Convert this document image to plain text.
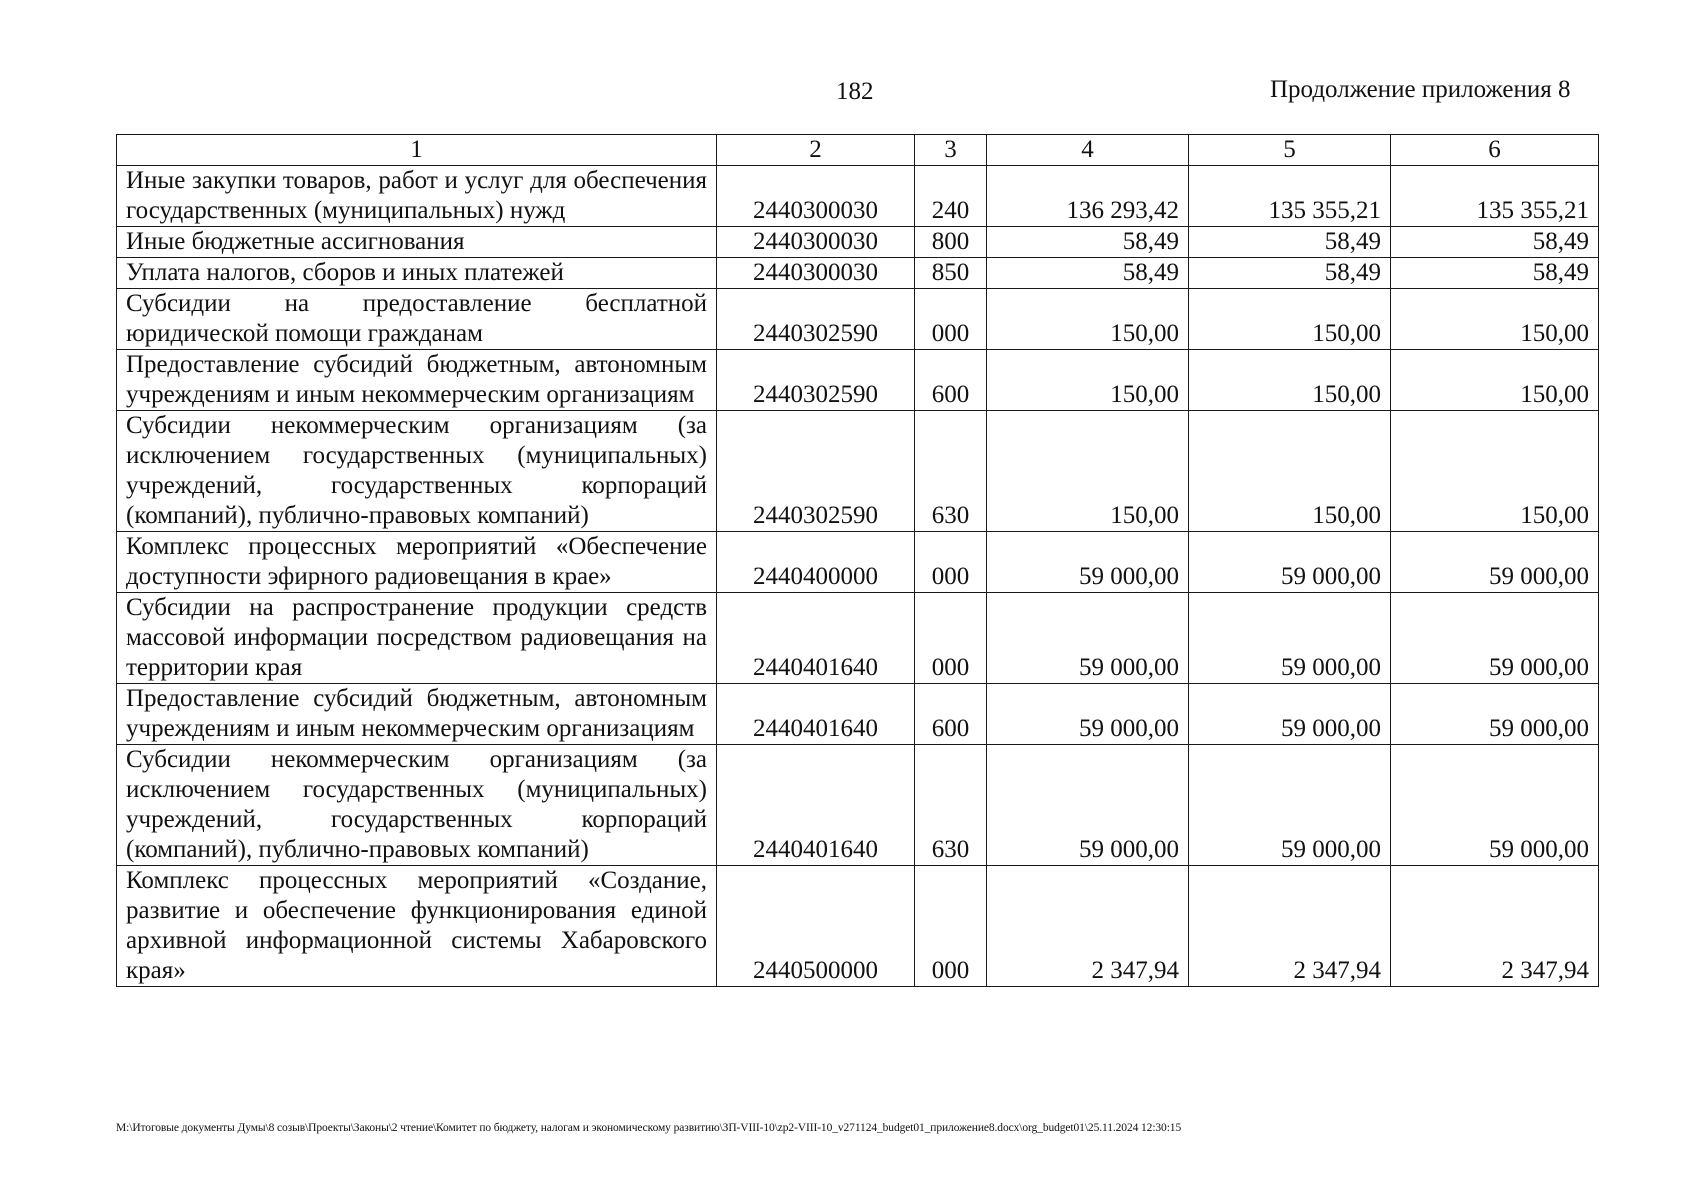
182	Продолжение приложения 8
1	2	3	4	5	6
Иные закупки товаров, работ и услуг для обеспечения государственных (муниципальных) нужд	2440300030	240	136 293,42	135 355,21	135 355,21
Иные бюджетные ассигнования	2440300030	800	58,49	58,49	58,49
Уплата налогов, сборов и иных платежей	2440300030	850	58,49	58,49	58,49
Субсидии на предоставление бесплатной юридической помощи гражданам	2440302590	000	150,00	150,00	150,00
Предоставление субсидий бюджетным, автономным учреждениям и иным некоммерческим организациям	2440302590	600	150,00	150,00	150,00
Субсидии некоммерческим организациям (за исключением государственных (муниципальных) учреждений, государственных корпораций (компаний), публично-правовых компаний)	2440302590	630	150,00	150,00	150,00
Комплекс процессных мероприятий «Обеспечение доступности эфирного радиовещания в крае»	2440400000	000	59 000,00	59 000,00	59 000,00
Субсидии на распространение продукции средств массовой информации посредством радиовещания на территории края	2440401640	000	59 000,00	59 000,00	59 000,00
Предоставление субсидий бюджетным, автономным учреждениям и иным некоммерческим организациям	2440401640	600	59 000,00	59 000,00	59 000,00
Субсидии некоммерческим организациям (за исключением государственных (муниципальных) учреждений, государственных корпораций (компаний), публично-правовых компаний)	2440401640	630	59 000,00	59 000,00	59 000,00
Комплекс процессных мероприятий «Создание, развитие и обеспечение функционирования единой архивной информационной системы Хабаровского края»	2440500000	000	2 347,94	2 347,94	2 347,94
M:\Итоговые документы Думы\8 созыв\Проекты\Законы\2 чтение\Комитет по бюджету, налогам и экономическому развитию\ЗП-VIII-10\zp2-VIII-10_v271124_budget01_приложение8.docx\org_budget01\25.11.2024 12:30:15
